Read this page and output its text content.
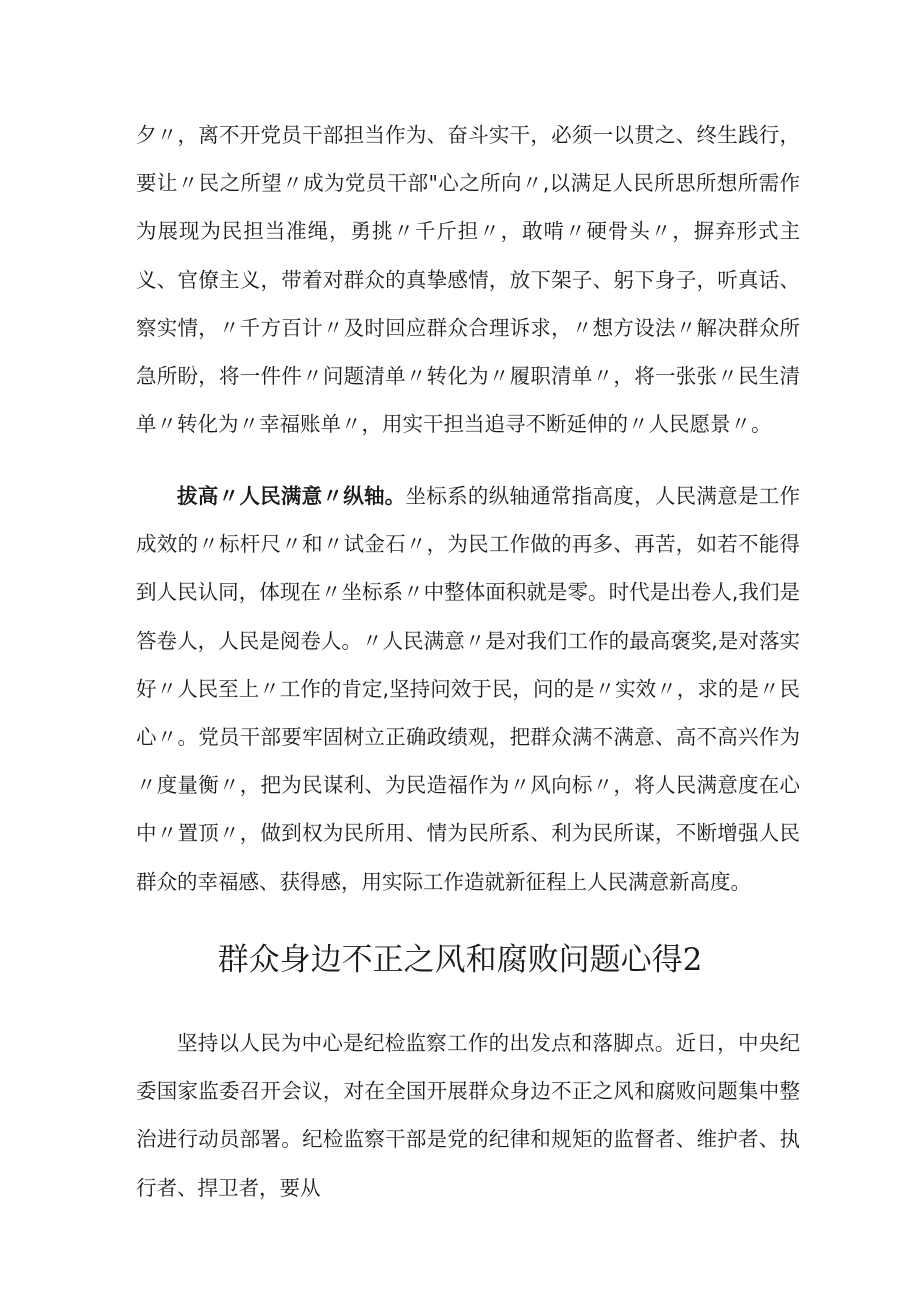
夕〃，离不开党员干部担当作为、奋斗实干，必须一以贯之、终生践行，要让〃民之所望〃成为党员干部"心之所向〃,以满足人民所思所想所需作为展现为民担当准绳，勇挑〃千斤担〃，敢啃〃硬骨头〃，摒弃形式主义、官僚主义，带着对群众的真挚感情，放下架子、躬下身子，听真话、察实情，〃千方百计〃及时回应群众合理诉求，〃想方设法〃解决群众所急所盼，将一件件〃问题清单〃转化为〃履职清单〃，将一张张〃民生清单〃转化为〃幸福账单〃，用实干担当追寻不断延伸的〃人民愿景〃。

拔高〃人民满意〃纵轴。坐标系的纵轴通常指高度，人民满意是工作成效的〃标杆尺〃和〃试金石〃，为民工作做的再多、再苦，如若不能得到人民认同，体现在〃坐标系〃中整体面积就是零。时代是出卷人,我们是答卷人，人民是阅卷人。〃人民满意〃是对我们工作的最高褒奖,是对落实好〃人民至上〃工作的肯定,坚持问效于民，问的是〃实效〃，求的是〃民心〃。党员干部要牢固树立正确政绩观，把群众满不满意、高不高兴作为〃度量衡〃，把为民谋利、为民造福作为〃风向标〃，将人民满意度在心中〃置顶〃，做到权为民所用、情为民所系、利为民所谋，不断增强人民群众的幸福感、获得感，用实际工作造就新征程上人民满意新高度。

群众身边不正之风和腐败问题心得2

坚持以人民为中心是纪检监察工作的出发点和落脚点。近日，中央纪委国家监委召开会议，对在全国开展群众身边不正之风和腐败问题集中整治进行动员部署。纪检监察干部是党的纪律和规矩的监督者、维护者、执行者、捍卫者，要从
